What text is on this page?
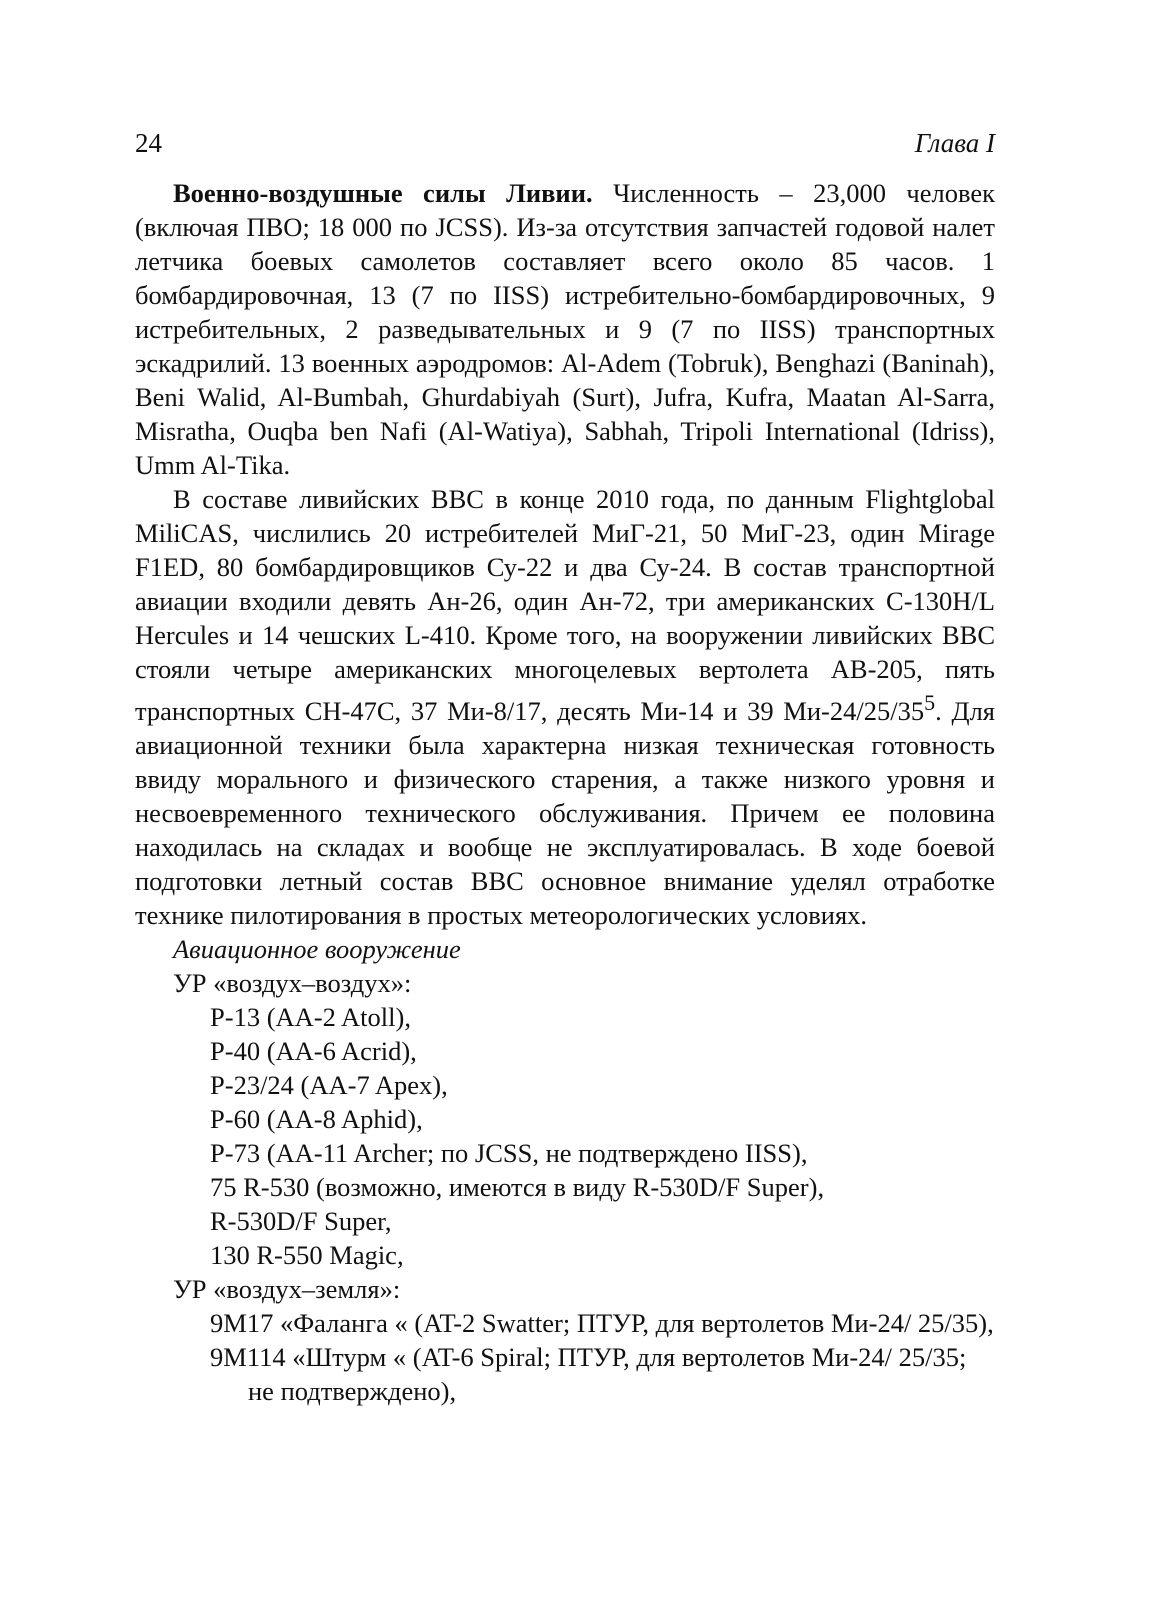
24	Глава I

Военно-воздушные силы Ливии. Численность – 23,000 человек (включая ПВО; 18 000 по JCSS). Из-за отсутствия запчастей годовой налет летчика боевых самолетов составляет всего около 85 часов. 1 бомбардировочная, 13 (7 по IISS) истребительно-бомбардировочных, 9 истребительных, 2 разведывательных и 9 (7 по IISS) транспортных эскадрилий. 13 военных аэродромов: Al-Adem (Tobruk), Benghazi (Baninah), Beni Walid, Al-Bumbah, Ghurdabiyah (Surt), Jufra, Kufra, Maatan Al-Sarra, Misratha, Ouqba ben Nafi (Al-Watiya), Sabhah, Tripoli International (Idriss), Umm Al-Tika.

В составе ливийских ВВС в конце 2010 года, по данным Flightglobal MiliCAS, числились 20 истребителей МиГ-21, 50 МиГ-23, один Mirage F1ED, 80 бомбардировщиков Су-22 и два Су-24. В состав транспортной авиации входили девять Ан-26, один Ан-72, три американских C-130H/L Hercules и 14 чешских L-410. Кроме того, на вооружении ливийских ВВС стояли четыре американских многоцелевых вертолета AB-205, пять транспортных CH-47C, 37 Ми-8/17, десять Ми-14 и 39 $Ми-24/25/35^5$. Для авиационной техники была характерна низкая техническая готовность ввиду морального и физического старения, а также низкого уровня и несвоевременного технического обслуживания. Причем ее половина находилась на складах и вообще не эксплуатировалась. В ходе боевой подготовки летный состав ВВС основное внимание уделял отработке технике пилотирования в простых метеорологических условиях.

Авиационное вооружение

УР «воздух–воздух»:

Р-13 (AA-2 Atoll),
Р-40 (AA-6 Acrid),
Р-23/24 (AA-7 Apex),
Р-60 (AA-8 Aphid),
Р-73 (AA-11 Archer; по JCSS, не подтверждено IISS),
75 R-530 (возможно, имеются в виду R-530D/F Super),
R-530D/F Super,
130 R-550 Magic,

УР «воздух–земля»:

9М17 «Фаланга « (AT-2 Swatter; ПТУР, для вертолетов Ми-24/ 25/35),
9М114 «Штурм « (AT-6 Spiral; ПТУР, для вертолетов Ми-24/ 25/35; не подтверждено),
